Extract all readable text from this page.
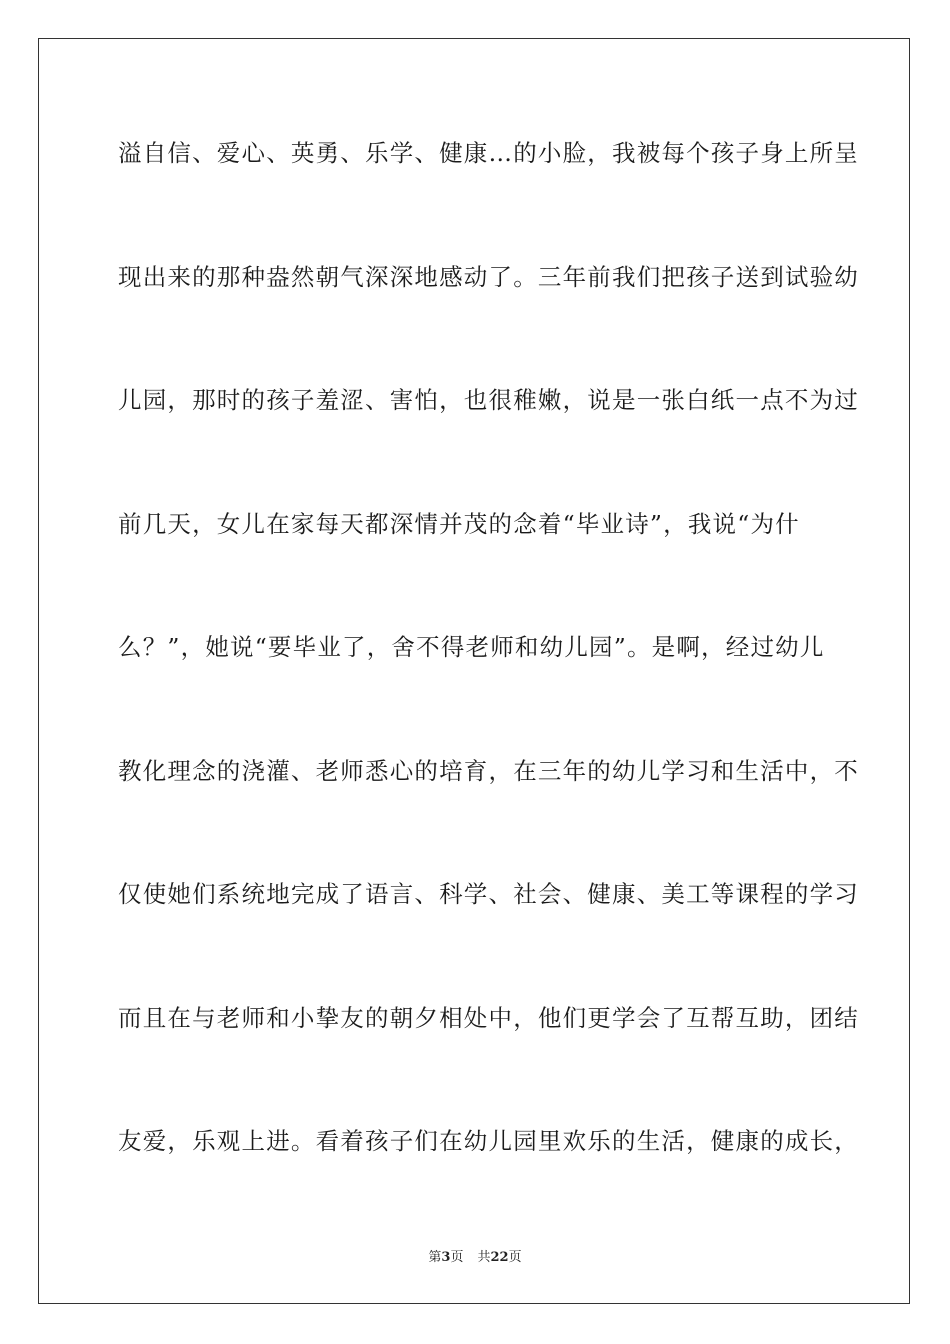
溢自信、爱心、英勇、乐学、健康…的小脸，我被每个孩子身上所呈
现出来的那种盎然朝气深深地感动了。三年前我们把孩子送到试验幼
儿园，那时的孩子羞涩、害怕，也很稚嫩，说是一张白纸一点不为过
前几天，女儿在家每天都深情并茂的念着“毕业诗”，我说“为什
么？”，她说“要毕业了，舍不得老师和幼儿园”。是啊，经过幼儿
教化理念的浇灌、老师悉心的培育，在三年的幼儿学习和生活中，不
仅使她们系统地完成了语言、科学、社会、健康、美工等课程的学习
而且在与老师和小挚友的朝夕相处中，他们更学会了互帮互助，团结
友爱，乐观上进。看着孩子们在幼儿园里欢乐的生活，健康的成长，
第3页 共22页
